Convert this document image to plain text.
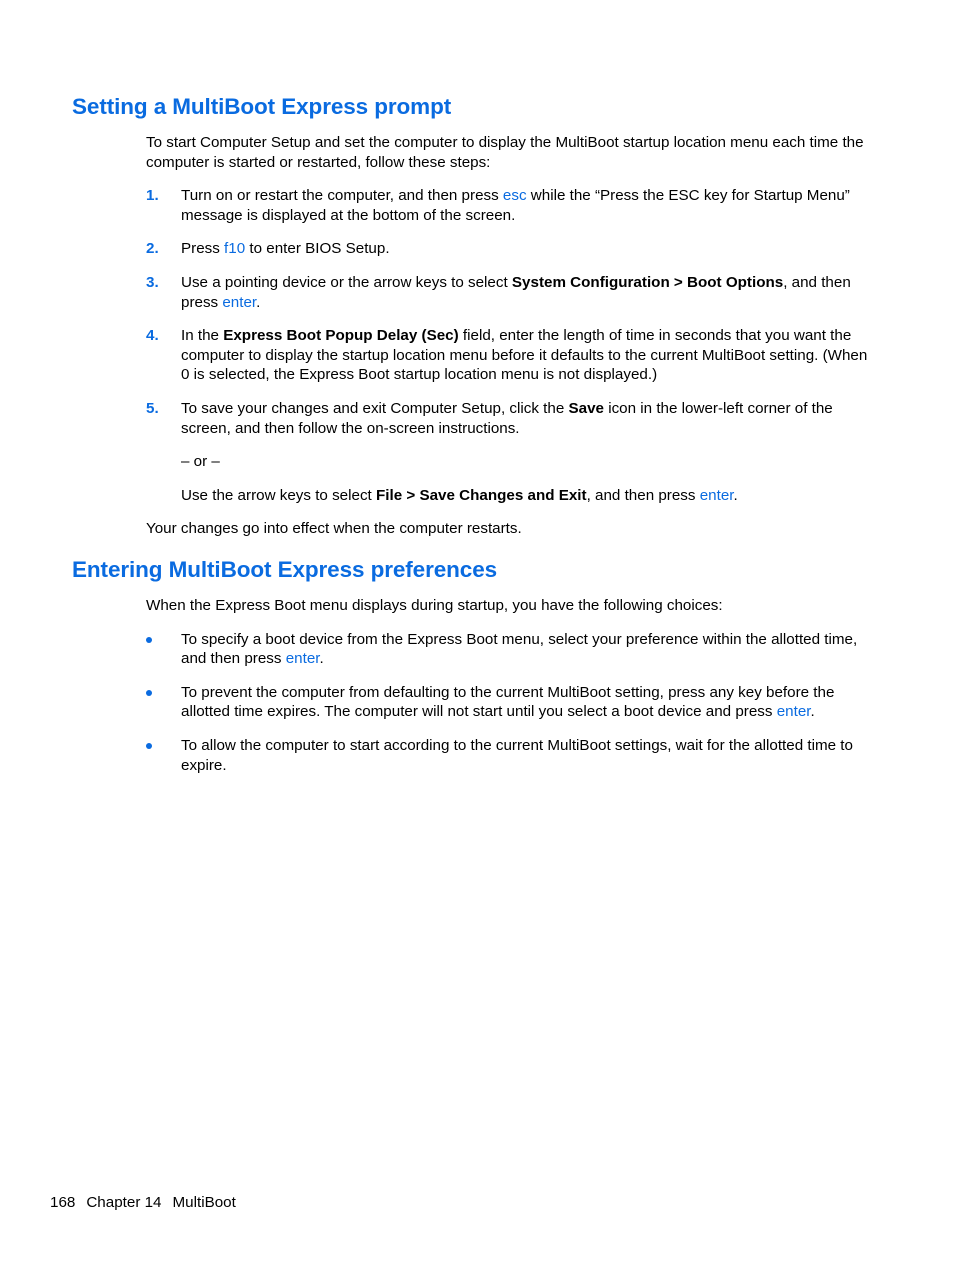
Setting a MultiBoot Express prompt

To start Computer Setup and set the computer to display the MultiBoot startup location menu each time the computer is started or restarted, follow these steps:

1. Turn on or restart the computer, and then press esc while the “Press the ESC key for Startup Menu” message is displayed at the bottom of the screen.
2. Press f10 to enter BIOS Setup.
3. Use a pointing device or the arrow keys to select System Configuration > Boot Options, and then press enter.
4. In the Express Boot Popup Delay (Sec) field, enter the length of time in seconds that you want the computer to display the startup location menu before it defaults to the current MultiBoot setting. (When 0 is selected, the Express Boot startup location menu is not displayed.)
5. To save your changes and exit Computer Setup, click the Save icon in the lower-left corner of the screen, and then follow the on-screen instructions.

– or –

Use the arrow keys to select File > Save Changes and Exit, and then press enter.

Your changes go into effect when the computer restarts.

Entering MultiBoot Express preferences

When the Express Boot menu displays during startup, you have the following choices:

To specify a boot device from the Express Boot menu, select your preference within the allotted time, and then press enter.
To prevent the computer from defaulting to the current MultiBoot setting, press any key before the allotted time expires. The computer will not start until you select a boot device and press enter.
To allow the computer to start according to the current MultiBoot settings, wait for the allotted time to expire.
168 Chapter 14 MultiBoot
